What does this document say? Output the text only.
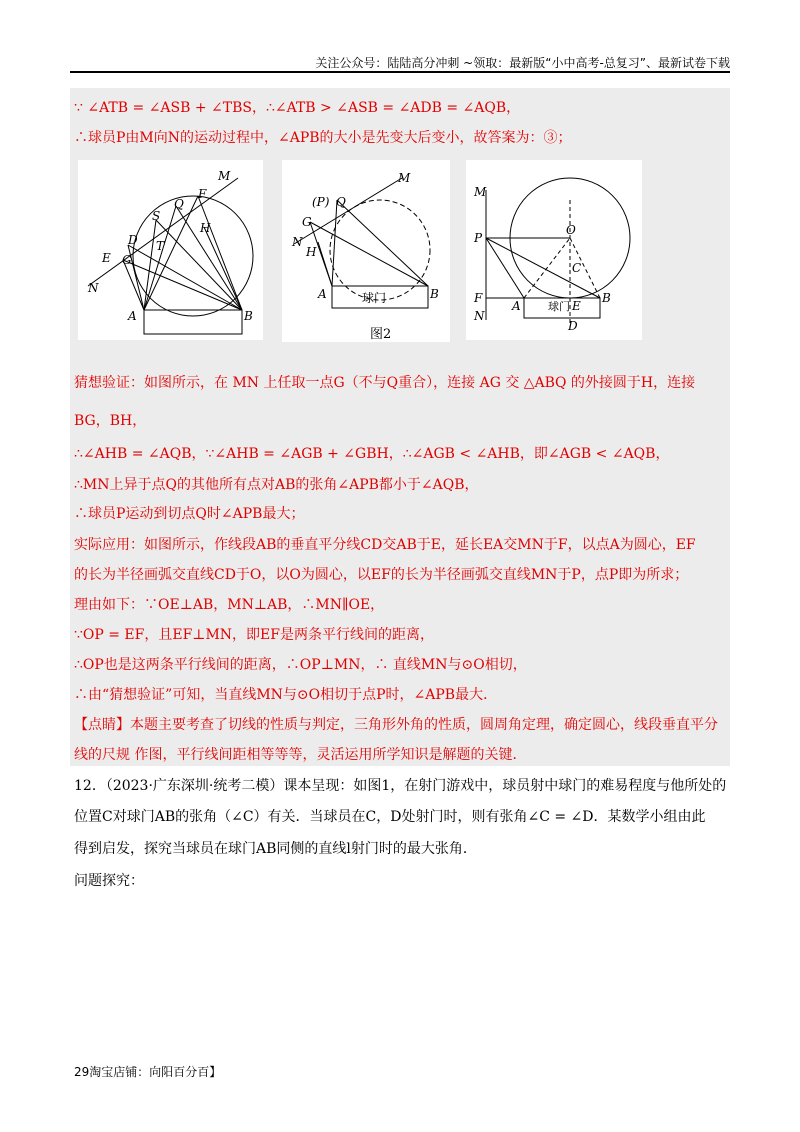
关注公众号：陆陆高分冲刺 ~领取：最新版“小中高考-总复习”、最新试卷下载
∵ ∠ATB = ∠ASB + ∠TBS，∴∠ATB > ∠ASB = ∠ADB = ∠AQB，
∴球员P由M向N的运动过程中，∠APB的大小是先变大后变小，故答案为：③；
M
F
Q
S
H
D T
E G
N
A	B
(P) Q
M
G
N
H
A	B
球门
图2
M
P
O
C
F
A	E
B
D
N
球门
猜想验证：如图所示，在 MN 上任取一点G（不与Q重合），连接 AG 交 △ABQ 的外接圆于H，连接
BG，BH，
∴∠AHB = ∠AQB，∵∠AHB = ∠AGB + ∠GBH，∴∠AGB < ∠AHB，即∠AGB < ∠AQB，
∴MN上异于点Q的其他所有点对AB的张角∠APB都小于∠AQB，
∴球员P运动到切点Q时∠APB最大；
实际应用：如图所示，作线段AB的垂直平分线CD交AB于E，延长EA交MN于F，以点A为圆心，EF
的长为半径画弧交直线CD于O，以O为圆心，以EF的长为半径画弧交直线MN于P，点P即为所求；
理由如下：∵OE⊥AB，MN⊥AB，∴MN∥OE，
∵OP = EF，且EF⊥MN，即EF是两条平行线间的距离，
∴OP也是这两条平行线间的距离，∴OP⊥MN，∴ 直线MN与⊙O相切，
∴由“猜想验证”可知，当直线MN与⊙O相切于点P时，∠APB最大．
【点睛】本题主要考查了切线的性质与判定，三角形外角的性质，圆周角定理，确定圆心，线段垂直平分
线的尺规 作图，平行线间距相等等等，灵活运用所学知识是解题的关键．
12．（2023·广东深圳·统考二模）课本呈现：如图1，在射门游戏中，球员射中球门的难易程度与他所处的
位置C对球门AB的张角（∠C）有关．当球员在C，D处射门时，则有张角∠C = ∠D．某数学小组由此
得到启发，探究当球员在球门AB同侧的直线l射门时的最大张角．
问题探究：
29淘宝店铺：向阳百分百】
